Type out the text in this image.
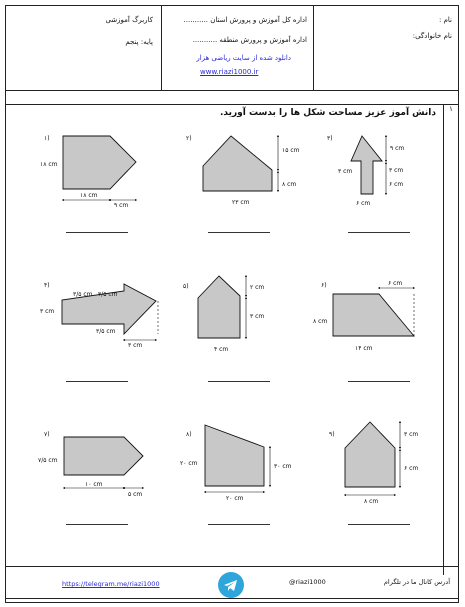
کاربرگ آموزشی
پایه: پنجم
اداره کل آموزش و پرورش استان ...........
اداره آموزش و پرورش منطقه ...........
دانلود شده از سایت ریاضی هزار
www.riazi1000.ir
نام :
نام خانوادگی:
۱
دانش آموز عزیز مساحت شکل ها را بدست آورید.
۱)
۱۸ cm
۱۸ cm
۹ cm
۲)
۱۵ cm
۸ cm
۲۳ cm
۳)
۹ cm
۳ cm	۳ cm
۶ cm
۶ cm
۴)
۳/۵ cm ۳/۵ cm
۳ cm
۳/۵ cm
۳ cm
۵)	۲ cm
۳ cm
۴ cm
۶)	۶ cm
۸ cm
۱۴ cm
۷)
۷/۵ cm
۱۰ cm
۵ cm
۸)
۲۰ cm	۳۰ cm
۲۰ cm
۹)	۳ cm
۶ cm
۸ cm
https://telegram.me/riazi1000	@riazi1000	آدرس کانال ما در تلگرام
